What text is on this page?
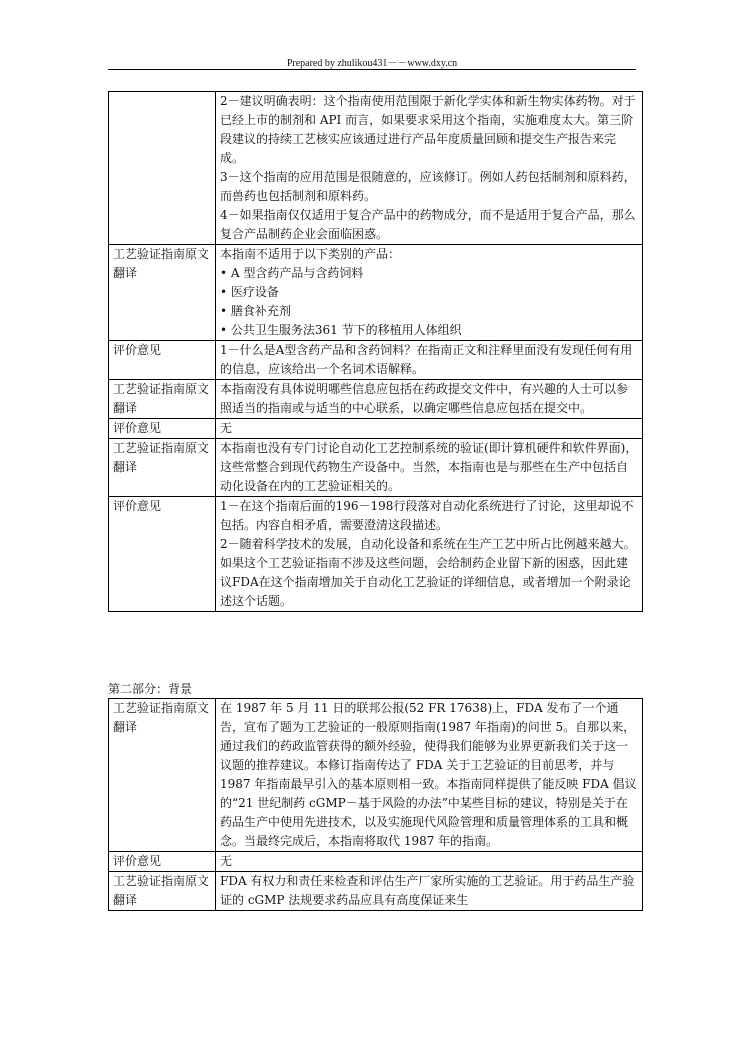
Prepared by zhulikou431－－www.dxy.cn

	2－建议明确表明：这个指南使用范围限于新化学实体和新生物实体药物。对于已经上市的制剂和 API 而言，如果要求采用这个指南，实施难度太大。第三阶段建议的持续工艺核实应该通过进行产品年度质量回顾和提交生产报告来完成。

3－这个指南的应用范围是很随意的，应该修订。例如人药包括制剂和原料药，而兽药也包括制剂和原料药。

4－如果指南仅仅适用于复合产品中的药物成分，而不是适用于复合产品，那么复合产品制药企业会面临困惑。

工艺验证指南原文翻译	本指南不适用于以下类别的产品：

• A 型含药产品与含药饲料

• 医疗设备

• 膳食补充剂

• 公共卫生服务法361 节下的移植用人体组织

评价意见	1－什么是A型含药产品和含药饲料？在指南正文和注释里面没有发现任何有用的信息，应该给出一个名词术语解释。

工艺验证指南原文翻译	本指南没有具体说明哪些信息应包括在药政提交文件中，有兴趣的人士可以参照适当的指南或与适当的中心联系，以确定哪些信息应包括在提交中。

评价意见	无

工艺验证指南原文翻译	本指南也没有专门讨论自动化工艺控制系统的验证(即计算机硬件和软件界面)，这些常整合到现代药物生产设备中。当然，本指南也是与那些在生产中包括自动化设备在内的工艺验证相关的。

评价意见	1－在这个指南后面的196－198行段落对自动化系统进行了讨论，这里却说不包括。内容自相矛盾，需要澄清这段描述。

2－随着科学技术的发展，自动化设备和系统在生产工艺中所占比例越来越大。如果这个工艺验证指南不涉及这些问题，会给制药企业留下新的困惑，因此建议FDA在这个指南增加关于自动化工艺验证的详细信息，或者增加一个附录论述这个话题。

第二部分：背景

工艺验证指南原文翻译	在 1987 年 5 月 11 日的联邦公报(52 FR 17638)上，FDA 发布了一个通告，宣布了题为工艺验证的一般原则指南(1987 年指南)的问世 5。自那以来，通过我们的药政监管获得的额外经验，使得我们能够为业界更新我们关于这一议题的推荐建议。本修订指南传达了 FDA 关于工艺验证的目前思考，并与 1987 年指南最早引入的基本原则相一致。本指南同样提供了能反映 FDA 倡议的“21 世纪制药 cGMP－基于风险的办法”中某些目标的建议，特别是关于在药品生产中使用先进技术，以及实施现代风险管理和质量管理体系的工具和概念。当最终完成后，本指南将取代 1987 年的指南。

评价意见	无

工艺验证指南原文翻译	FDA 有权力和责任来检查和评估生产厂家所实施的工艺验证。用于药品生产验证的 cGMP 法规要求药品应具有高度保证来生
